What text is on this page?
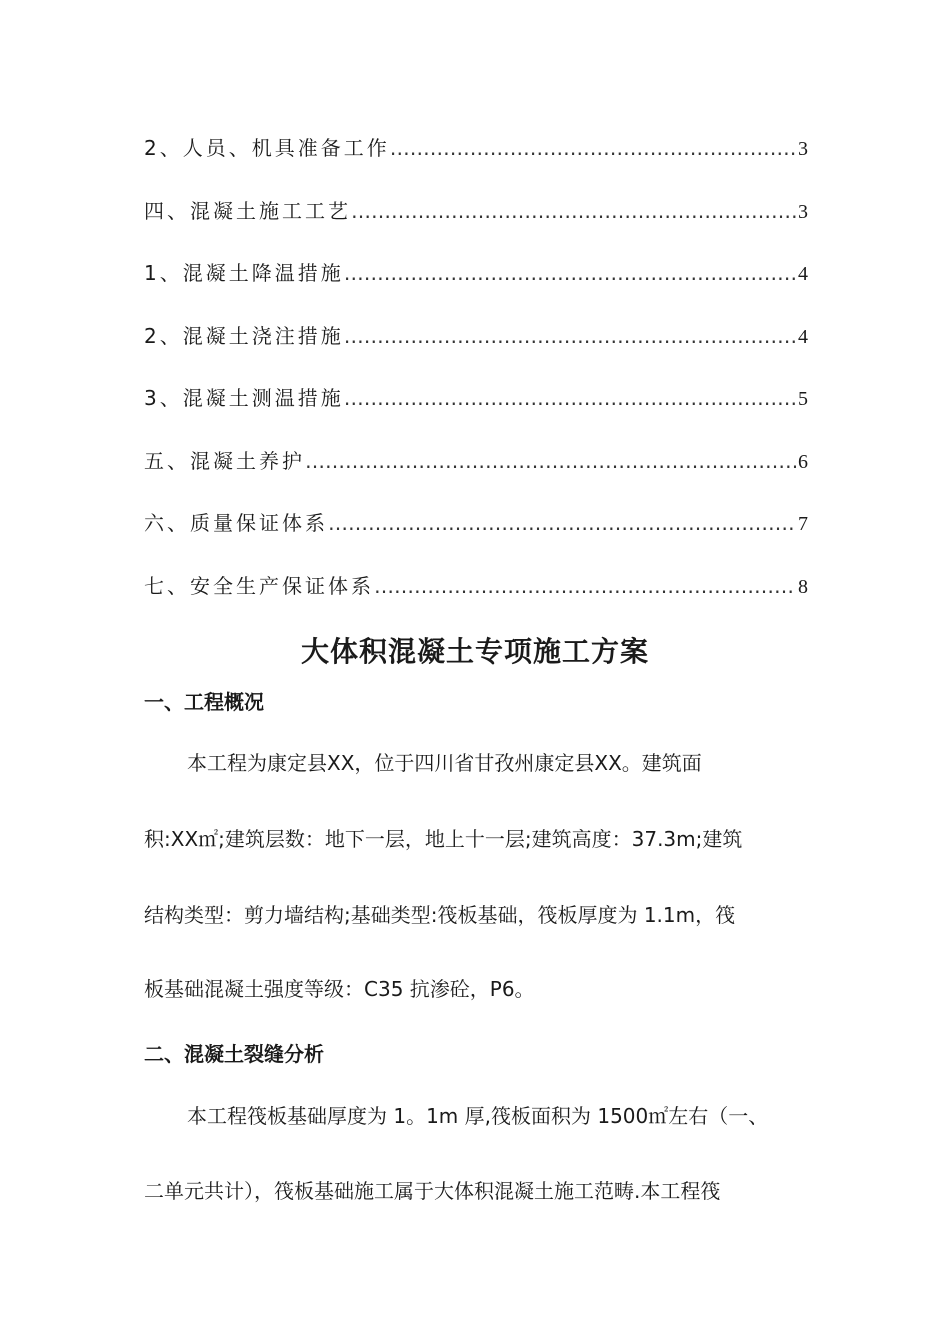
2、人员、机具准备工作 …………………………………………………………………………………………………………	3
四、混凝土施工工艺 …………………………………………………………………………………………………………	3
1、混凝土降温措施 …………………………………………………………………………………………………………	4
2、混凝土浇注措施 …………………………………………………………………………………………………………	4
3、混凝土测温措施 …………………………………………………………………………………………………………	5
五、混凝土养护 …………………………………………………………………………………………………………	6
六、质量保证体系 …………………………………………………………………………………………………………	7
七、安全生产保证体系 …………………………………………………………………………………………………………	8
大体积混凝土专项施工方案
一、工程概况
本工程为康定县XX，位于四川省甘孜州康定县XX。建筑面
积:XX㎡;建筑层数：地下一层，地上十一层;建筑高度：37.3m;建筑
结构类型：剪力墙结构;基础类型:筏板基础，筏板厚度为 1.1m，筏
板基础混凝土强度等级：C35 抗渗砼，P6。
二、混凝土裂缝分析
本工程筏板基础厚度为 1。1m 厚,筏板面积为 1500㎡左右（一、
二单元共计），筏板基础施工属于大体积混凝土施工范畴.本工程筏
